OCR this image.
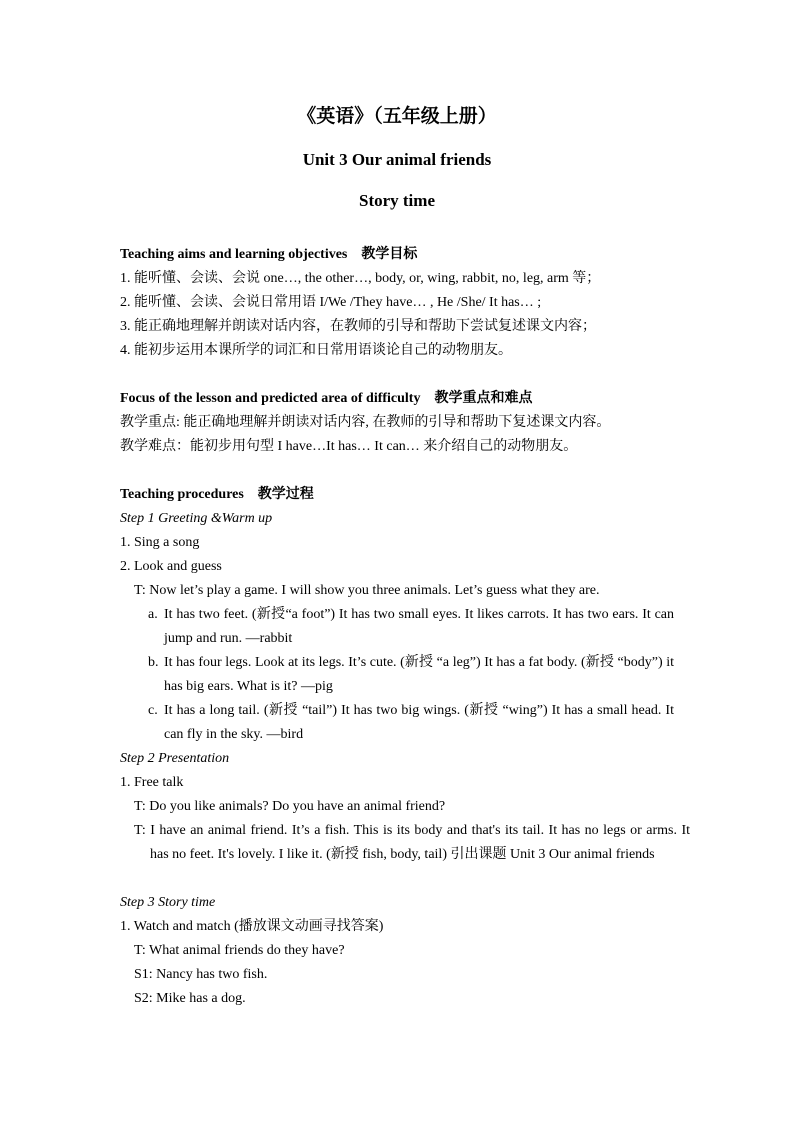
《英语》（五年级上册）
Unit 3 Our animal friends
Story time
Teaching aims and learning objectives　教学目标
1. 能听懂、会读、会说 one…, the other…, body, or, wing, rabbit, no, leg, arm 等；
2. 能听懂、会读、会说日常用语 I/We /They have… , He /She/ It has… ;
3. 能正确地理解并朗读对话内容，在教师的引导和帮助下尝试复述课文内容；
4. 能初步运用本课所学的词汇和日常用语谈论自己的动物朋友。
Focus of the lesson and predicted area of difficulty　教学重点和难点
教学重点: 能正确地理解并朗读对话内容, 在教师的引导和帮助下复述课文内容。
教学难点：能初步用句型 I have…It has… It can… 来介绍自己的动物朋友。
Teaching procedures　教学过程
Step 1 Greeting &Warm up
1. Sing a song
2. Look and guess
T: Now let’s play a game. I will show you three animals. Let’s guess what they are.
a. It has two feet. (新授“a foot”) It has two small eyes. It likes carrots. It has two ears. It can jump and run. —rabbit
b. It has four legs. Look at its legs. It’s cute. (新授 “a leg”) It has a fat body. (新授 “body”) it has big ears. What is it? —pig
c. It has a long tail. (新授 “tail”) It has two big wings. (新授 “wing”) It has a small head. It can fly in the sky. —bird
Step 2 Presentation
1. Free talk
T: Do you like animals? Do you have an animal friend?
T: I have an animal friend. It’s a fish. This is its body and that's its tail. It has no legs or arms. It has no feet. It's lovely. I like it. (新授 fish, body, tail) 引出课题 Unit 3 Our animal friends
Step 3 Story time
1. Watch and match (播放课文动画寻找答案)
T: What animal friends do they have?
S1: Nancy has two fish.
S2: Mike has a dog.
